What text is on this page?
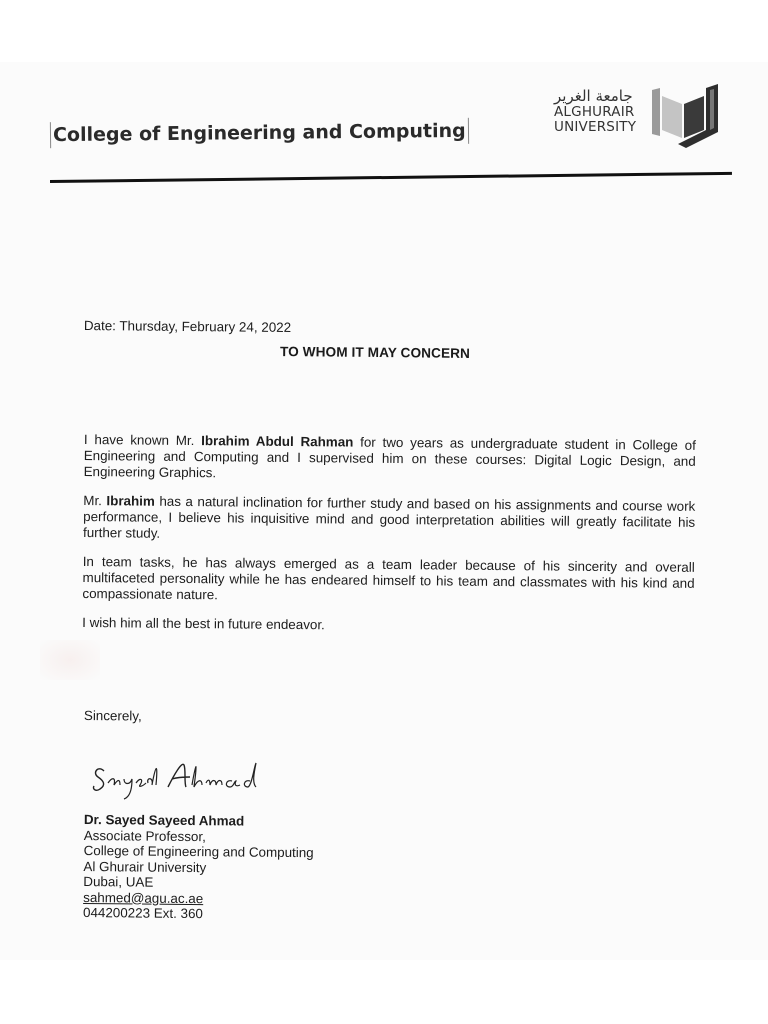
College of Engineering and Computing
جامعة الغرير
ALGHURAIR
UNIVERSITY
Date: Thursday, February 24, 2022
TO WHOM IT MAY CONCERN

I have known Mr. Ibrahim Abdul Rahman for two years as undergraduate student in College of Engineering and Computing and I supervised him on these courses: Digital Logic Design, and Engineering Graphics.

Mr. Ibrahim has a natural inclination for further study and based on his assignments and course work performance, I believe his inquisitive mind and good interpretation abilities will greatly facilitate his further study.

In team tasks, he has always emerged as a team leader because of his sincerity and overall multifaceted personality while he has endeared himself to his team and classmates with his kind and compassionate nature.

I wish him all the best in future endeavor.

Sincerely,
Dr. Sayed Sayeed Ahmad
Associate Professor,
College of Engineering and Computing
Al Ghurair University
Dubai, UAE
sahmed@agu.ac.ae
044200223 Ext. 360
